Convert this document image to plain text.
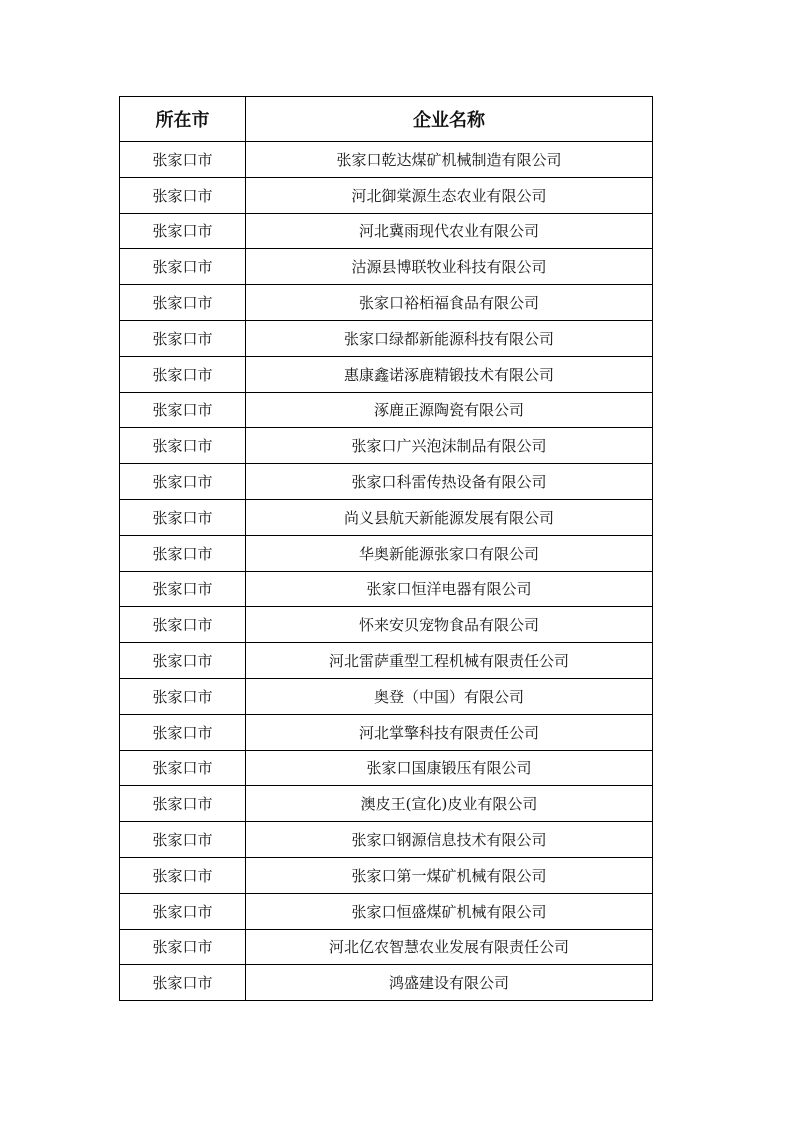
所在市	企业名称
张家口市	张家口乾达煤矿机械制造有限公司
张家口市	河北御棠源生态农业有限公司
张家口市	河北冀雨现代农业有限公司
张家口市	沽源县博联牧业科技有限公司
张家口市	张家口裕栢福食品有限公司
张家口市	张家口绿都新能源科技有限公司
张家口市	惠康鑫诺涿鹿精锻技术有限公司
张家口市	涿鹿正源陶瓷有限公司
张家口市	张家口广兴泡沫制品有限公司
张家口市	张家口科雷传热设备有限公司
张家口市	尚义县航天新能源发展有限公司
张家口市	华奥新能源张家口有限公司
张家口市	张家口恒洋电器有限公司
张家口市	怀来安贝宠物食品有限公司
张家口市	河北雷萨重型工程机械有限责任公司
张家口市	奥登（中国）有限公司
张家口市	河北掌擎科技有限责任公司
张家口市	张家口国康锻压有限公司
张家口市	澳皮王(宣化)皮业有限公司
张家口市	张家口钢源信息技术有限公司
张家口市	张家口第一煤矿机械有限公司
张家口市	张家口恒盛煤矿机械有限公司
张家口市	河北亿农智慧农业发展有限责任公司
张家口市	鸿盛建设有限公司
